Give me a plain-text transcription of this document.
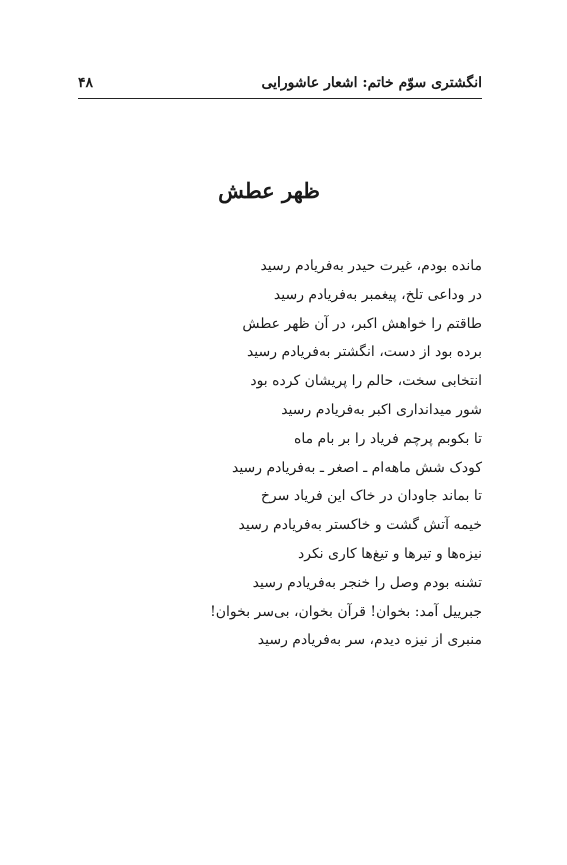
انگشتری سوّم خاتم: اشعار عاشورایی
۴۸
ظهر عطش
مانده بودم، غیرت حیدر به‌فریادم رسید
در وداعی تلخ، پیغمبر به‌فریادم رسید
طاقتم را خواهش اکبر، در آن ظهر عطش
برده بود از دست، انگشتر به‌فریادم رسید
انتخابی سخت، حالم را پریشان کرده بود
شور میدانداری اکبر به‌فریادم رسید
تا بکوبم پرچم فریاد را بر بام ماه
کودک شش ماهه‌ام ـ اصغر ـ به‌فریادم رسید
تا بماند جاودان در خاک این فریاد سرخ
خیمه آتش گشت و خاکستر به‌فریادم رسید
نیزه‌ها و تیرها و تیغ‌ها کاری نکرد
تشنه بودم وصل را خنجر به‌فریادم رسید
جبرییل آمد: بخوان! قرآن بخوان، بی‌سر بخوان!
منبری از نیزه دیدم، سر به‌فریادم رسید
